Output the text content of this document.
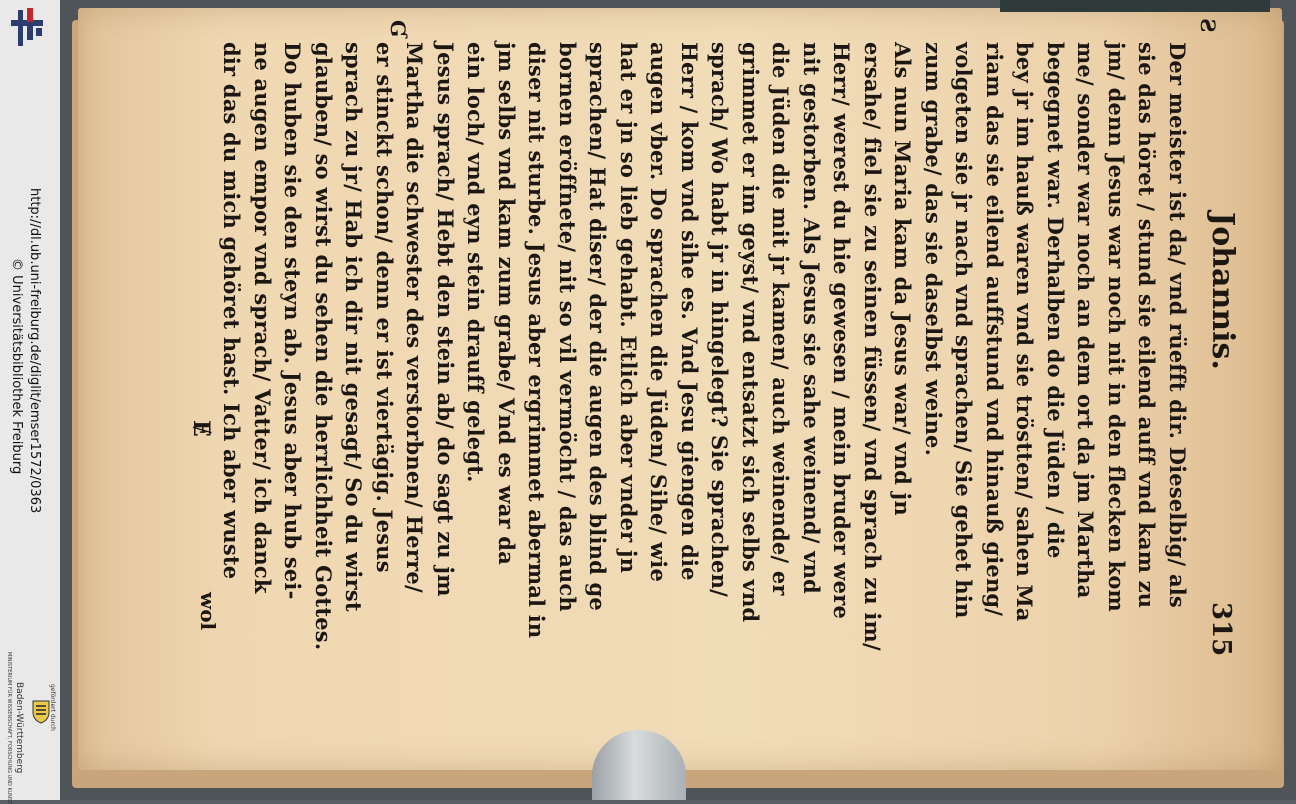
http://dl.ub.uni-freiburg.de/diglit/emser1572/0363
© Universitätsbibliothek Freiburg
MINISTERIUM FÜR WISSENSCHAFT, FORSCHUNG UND KUNST Baden-Württemberg	gefördert durch
Johannis.
315
Ƨ
Ɠ
Der meister ist da/ vnd rüefft dir. Dieselbig/ als
sie das höret / stund sie eilend auff vnd kam zu
jm/ denn Jesus war noch nit in den flecken kom
me/ sonder war noch an dem ort da jm Martha
begegnet war. Derhalben do die Jüden / die
bey jr im hauß waren vnd sie tröstten/ sahen Ma
riam das sie eilend auffstund vnd hinauß gieng/
volgeten sie jr nach vnd sprachen/ Sie gehet hin
zum grabe/ das sie daselbst weine.
Als nun Maria kam da Jesus war/ vnd jn
ersahe/ fiel sie zu seinen füssen/ vnd sprach zu im/
Herr/ werest du hie gewesen / mein bruder were
nit gestorben. Als Jesus sie sahe weinend/ vnd
die Jüden die mit jr kamen/ auch weinende/ er
grimmet er im geyst/ vnd entsatzt sich selbs vnd
sprach/ Wo habt jr in hingelegt? Sie sprachen/
Herr / kom vnd sihe es. Vnd Jesu giengen die
augen vber. Do sprachen die Jüden/ Sihe/ wie
hat er jn so lieb gehabt. Etlich aber vnder jn
sprachen/ Hat diser/ der die augen des blind ge
bornen eröffnete/ nit so vil vermöcht / das auch
diser nit sturbe. Jesus aber ergrimmet abermal in
jm selbs vnd kam zum grabe/ Vnd es war da
ein loch/ vnd eyn stein drauff gelegt.
Jesus sprach/ Hebt den stein ab/ do sagt zu jm
Martha die schwester des verstorbnen/ Herre/
er stinckt schon/ denn er ist viertägig. Jesus
sprach zu jr/ Hab ich dir nit gesagt/ So du wirst
glauben/ so wirst du sehen die herrlichheit Gottes.
Do huben sie den steyn ab. Jesus aber hub sei-
ne augen empor vnd sprach/ Vatter/ ich danck
dir das du mich gehöret hast. Ich aber wuste
Ɇ
wol
